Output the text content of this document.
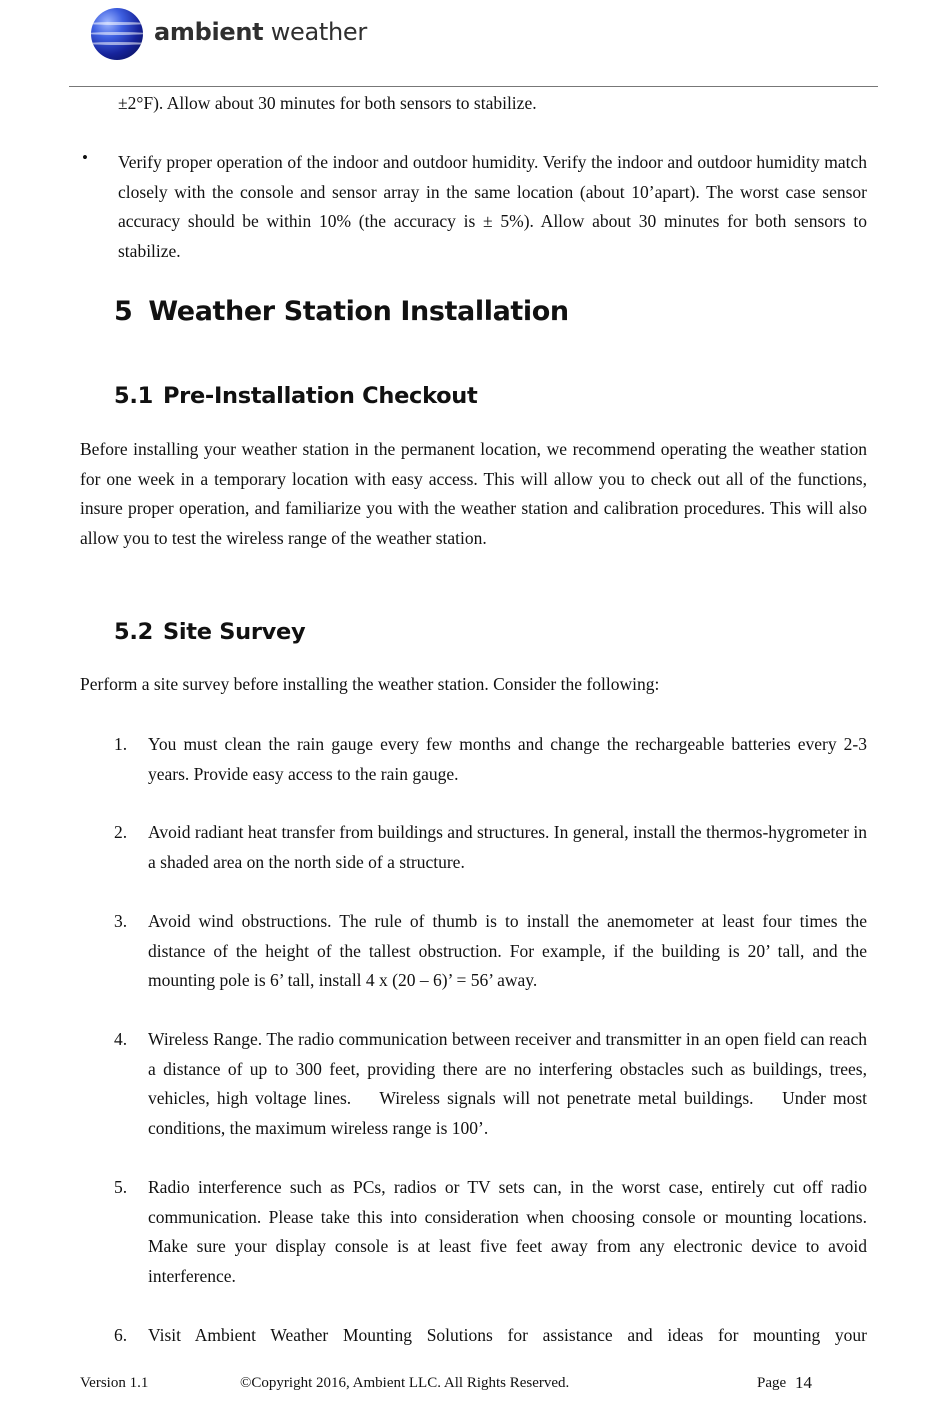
ambient weather

±2°F). Allow about 30 minutes for both sensors to stabilize.

• Verify proper operation of the indoor and outdoor humidity. Verify the indoor and outdoor humidity match closely with the console and sensor array in the same location (about 10’apart). The worst case sensor accuracy should be within 10% (the accuracy is ± 5%). Allow about 30 minutes for both sensors to stabilize.

5 Weather Station Installation
5.1 Pre-Installation Checkout

Before installing your weather station in the permanent location, we recommend operating the weather station for one week in a temporary location with easy access. This will allow you to check out all of the functions, insure proper operation, and familiarize you with the weather station and calibration procedures. This will also allow you to test the wireless range of the weather station.

5.2 Site Survey

Perform a site survey before installing the weather station. Consider the following:

1. You must clean the rain gauge every few months and change the rechargeable batteries every 2-3 years. Provide easy access to the rain gauge.
2. Avoid radiant heat transfer from buildings and structures. In general, install the thermos-hygrometer in a shaded area on the north side of a structure.
3. Avoid wind obstructions. The rule of thumb is to install the anemometer at least four times the distance of the height of the tallest obstruction. For example, if the building is 20’ tall, and the mounting pole is 6’ tall, install 4 x (20 – 6)’ = 56’ away.
4. Wireless Range. The radio communication between receiver and transmitter in an open field can reach a distance of up to 300 feet, providing there are no interfering obstacles such as buildings, trees, vehicles, high voltage lines.    Wireless signals will not penetrate metal buildings.    Under most conditions, the maximum wireless range is 100’.
5. Radio interference such as PCs, radios or TV sets can, in the worst case, entirely cut off radio communication. Please take this into consideration when choosing console or mounting locations. Make sure your display console is at least five feet away from any electronic device to avoid interference.
6. Visit Ambient Weather Mounting Solutions for assistance and ideas for mounting your
Version 1.1	©Copyright 2016, Ambient LLC. All Rights Reserved.	Page 14
